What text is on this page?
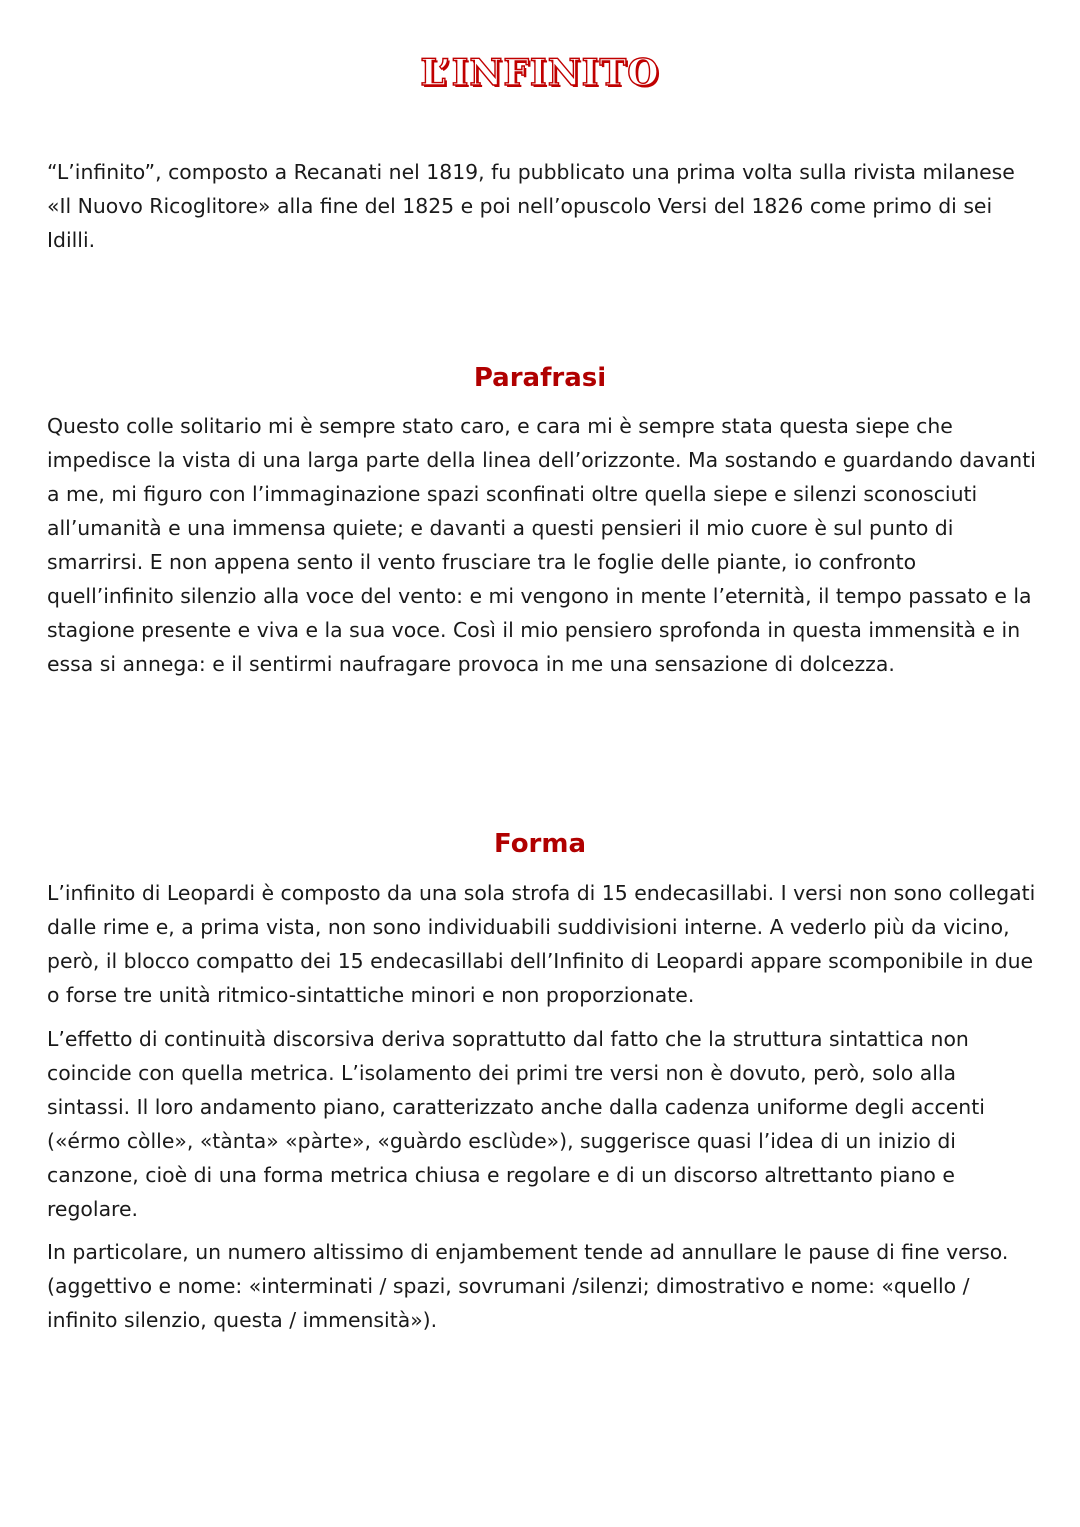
L’INFINITO

“L’infinito”, composto a Recanati nel 1819, fu pubblicato una prima volta sulla rivista milanese «Il Nuovo Ricoglitore» alla fine del 1825 e poi nell’opuscolo Versi del 1826 come primo di sei Idilli.

Parafrasi

Questo colle solitario mi è sempre stato caro, e cara mi è sempre stata questa siepe che impedisce la vista di una larga parte della linea dell’orizzonte. Ma sostando e guardando davanti a me, mi figuro con l’immaginazione spazi sconfinati oltre quella siepe e silenzi sconosciuti all’umanità e una immensa quiete; e davanti a questi pensieri il mio cuore è sul punto di smarrirsi. E non appena sento il vento frusciare tra le foglie delle piante, io confronto quell’infinito silenzio alla voce del vento: e mi vengono in mente l’eternità, il tempo passato e la stagione presente e viva e la sua voce. Così il mio pensiero sprofonda in questa immensità e in essa si annega: e il sentirmi naufragare provoca in me una sensazione di dolcezza.

Forma

L’infinito di Leopardi è composto da una sola strofa di 15 endecasillabi. I versi non sono collegati dalle rime e, a prima vista, non sono individuabili suddivisioni interne. A vederlo più da vicino, però, il blocco compatto dei 15 endecasillabi dell’Infinito di Leopardi appare scomponibile in due o forse tre unità ritmico-sintattiche minori e non proporzionate.

L’effetto di continuità discorsiva deriva soprattutto dal fatto che la struttura sintattica non coincide con quella metrica. L’isolamento dei primi tre versi non è dovuto, però, solo alla sintassi. Il loro andamento piano, caratterizzato anche dalla cadenza uniforme degli accenti («érmo còlle», «tànta» «pàrte», «guàrdo esclùde»), suggerisce quasi l’idea di un inizio di canzone, cioè di una forma metrica chiusa e regolare e di un discorso altrettanto piano e regolare.

In particolare, un numero altissimo di enjambement tende ad annullare le pause di fine verso. (aggettivo e nome: «interminati / spazi, sovrumani /silenzi; dimostrativo e nome: «quello / infinito silenzio, questa / immensità»).
